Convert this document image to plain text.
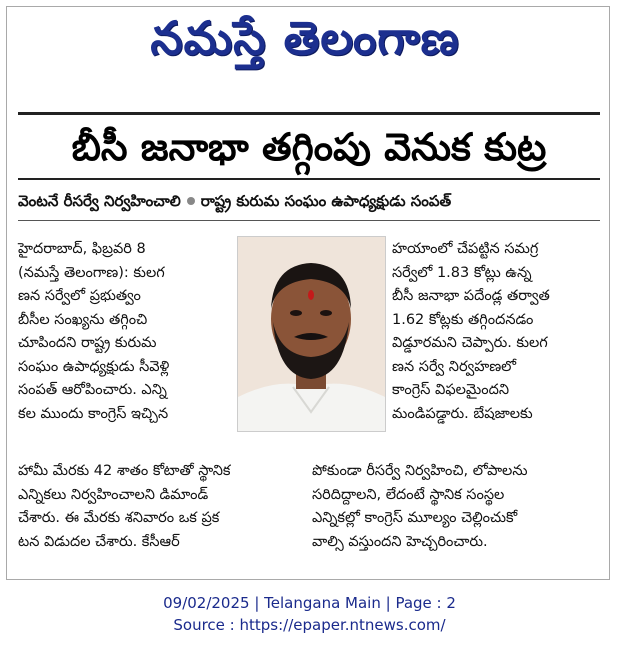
నమస్తే తెలంగాణ
బీసీ జనాభా తగ్గింపు వెనుక కుట్ర
వెంటనే రీసర్వే నిర్వహించాలి రాష్ట్ర కురుమ సంఘం ఉపాధ్యక్షుడు సంపత్
హైదరాబాద్, ఫిబ్రవరి 8
(నమస్తే తెలంగాణ): కులగ
ణన సర్వేలో ప్రభుత్వం
బీసీల సంఖ్యను తగ్గించి
చూపిందని రాష్ట్ర కురుమ
సంఘం ఉపాధ్యక్షుడు సీవెళ్లి
సంపత్ ఆరోపించారు. ఎన్ని
కల ముందు కాంగ్రెస్ ఇచ్చిన
హయాంలో చేపట్టిన సమగ్ర
సర్వేలో 1.83 కోట్లు ఉన్న
బీసీ జనాభా పదేండ్ల తర్వాత
1.62 కోట్లకు తగ్గిందనడం
విడ్డూరమని చెప్పారు. కులగ
ణన సర్వే నిర్వహణలో
కాంగ్రెస్ విఫలమైందని
మండిపడ్డారు. బేషజాలకు
హామీ మేరకు 42 శాతం కోటాతో స్థానిక
ఎన్నికలు నిర్వహించాలని డిమాండ్
చేశారు. ఈ మేరకు శనివారం ఒక ప్రక
టన విడుదల చేశారు. కేసీఆర్
పోకుండా రీసర్వే నిర్వహించి, లోపాలను
సరిదిద్దాలని, లేదంటే స్థానిక సంస్థల
ఎన్నికల్లో కాంగ్రెస్ మూల్యం చెల్లించుకో
వాల్సి వస్తుందని హెచ్చరించారు.
09/02/2025 | Telangana Main | Page : 2
Source : https://epaper.ntnews.com/
